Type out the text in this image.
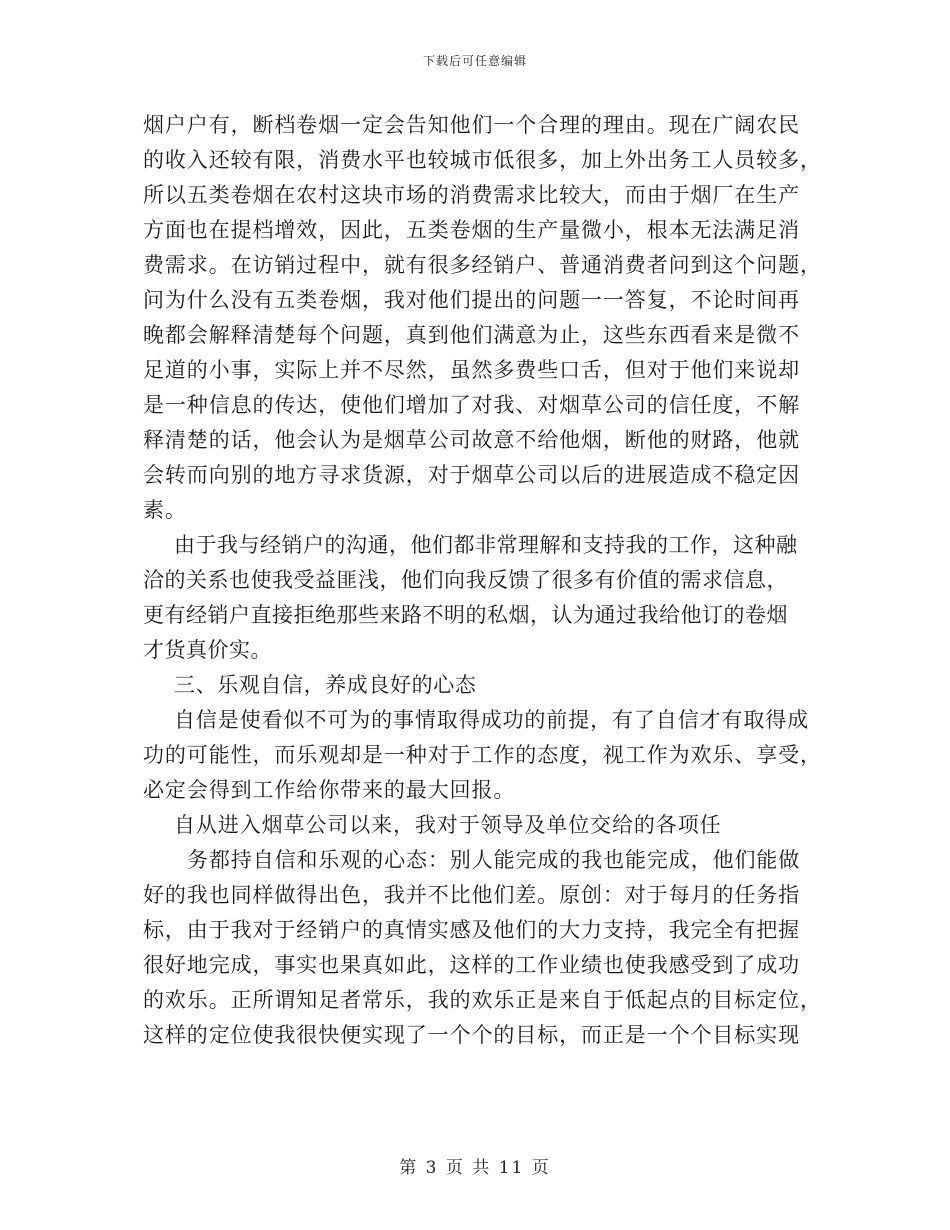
下载后可任意编辑
烟户户有，断档卷烟一定会告知他们一个合理的理由。现在广阔农民
的收入还较有限，消费水平也较城市低很多，加上外出务工人员较多，
所以五类卷烟在农村这块市场的消费需求比较大，而由于烟厂在生产
方面也在提档增效，因此，五类卷烟的生产量微小，根本无法满足消
费需求。在访销过程中，就有很多经销户、普通消费者问到这个问题，
问为什么没有五类卷烟，我对他们提出的问题一一答复，不论时间再
晚都会解释清楚每个问题，真到他们满意为止，这些东西看来是微不
足道的小事，实际上并不尽然，虽然多费些口舌，但对于他们来说却
是一种信息的传达，使他们增加了对我、对烟草公司的信任度，不解
释清楚的话，他会认为是烟草公司故意不给他烟，断他的财路，他就
会转而向别的地方寻求货源，对于烟草公司以后的进展造成不稳定因
素。
由于我与经销户的沟通，他们都非常理解和支持我的工作，这种融
洽的关系也使我受益匪浅，他们向我反馈了很多有价值的需求信息，
更有经销户直接拒绝那些来路不明的私烟，认为通过我给他订的卷烟
才货真价实。
三、乐观自信，养成良好的心态
自信是使看似不可为的事情取得成功的前提，有了自信才有取得成
功的可能性，而乐观却是一种对于工作的态度，视工作为欢乐、享受，
必定会得到工作给你带来的最大回报。
自从进入烟草公司以来，我对于领导及单位交给的各项任
务都持自信和乐观的心态：别人能完成的我也能完成，他们能做
好的我也同样做得出色，我并不比他们差。原创：对于每月的任务指
标，由于我对于经销户的真情实感及他们的大力支持，我完全有把握
很好地完成，事实也果真如此，这样的工作业绩也使我感受到了成功
的欢乐。正所谓知足者常乐，我的欢乐正是来自于低起点的目标定位，
这样的定位使我很快便实现了一个个的目标，而正是一个个目标实现
第 3 页 共 11 页
